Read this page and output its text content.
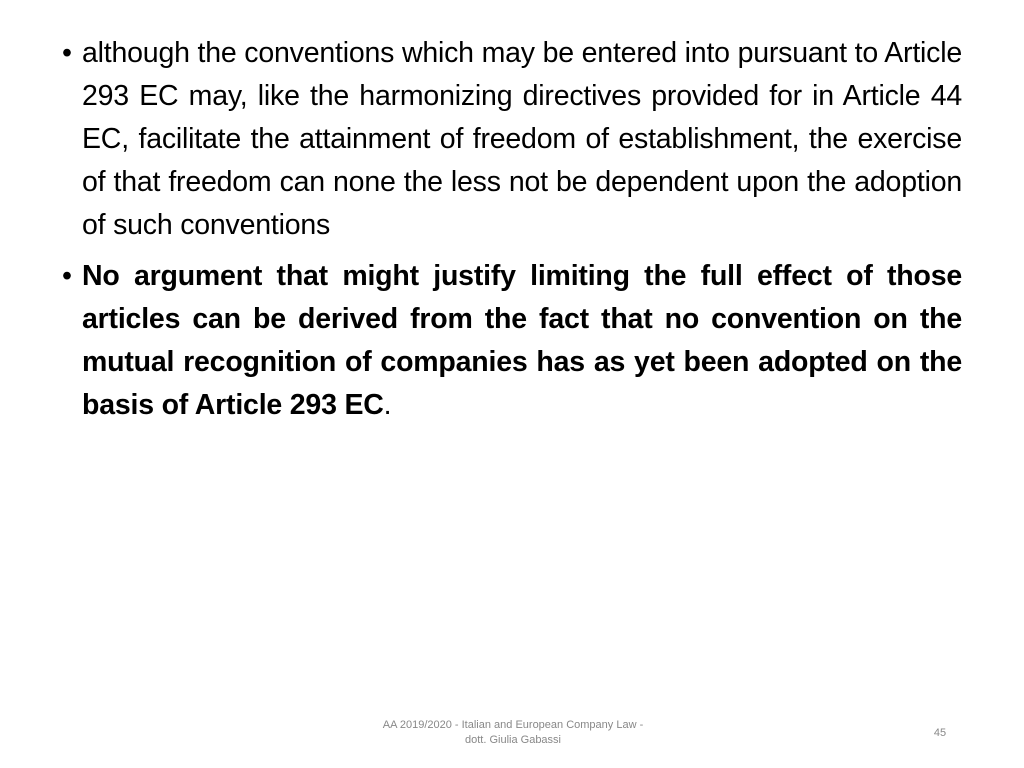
• although the conventions which may be entered into pursuant to Article 293 EC may, like the harmonizing directives provided for in Article 44 EC, facilitate the attainment of freedom of establishment, the exercise of that freedom can none the less not be dependent upon the adoption of such conventions
• No argument that might justify limiting the full effect of those articles can be derived from the fact that no convention on the mutual recognition of companies has as yet been adopted on the basis of Article 293 EC.
AA 2019/2020 - Italian and European Company Law -
dott. Giulia Gabassi
45
